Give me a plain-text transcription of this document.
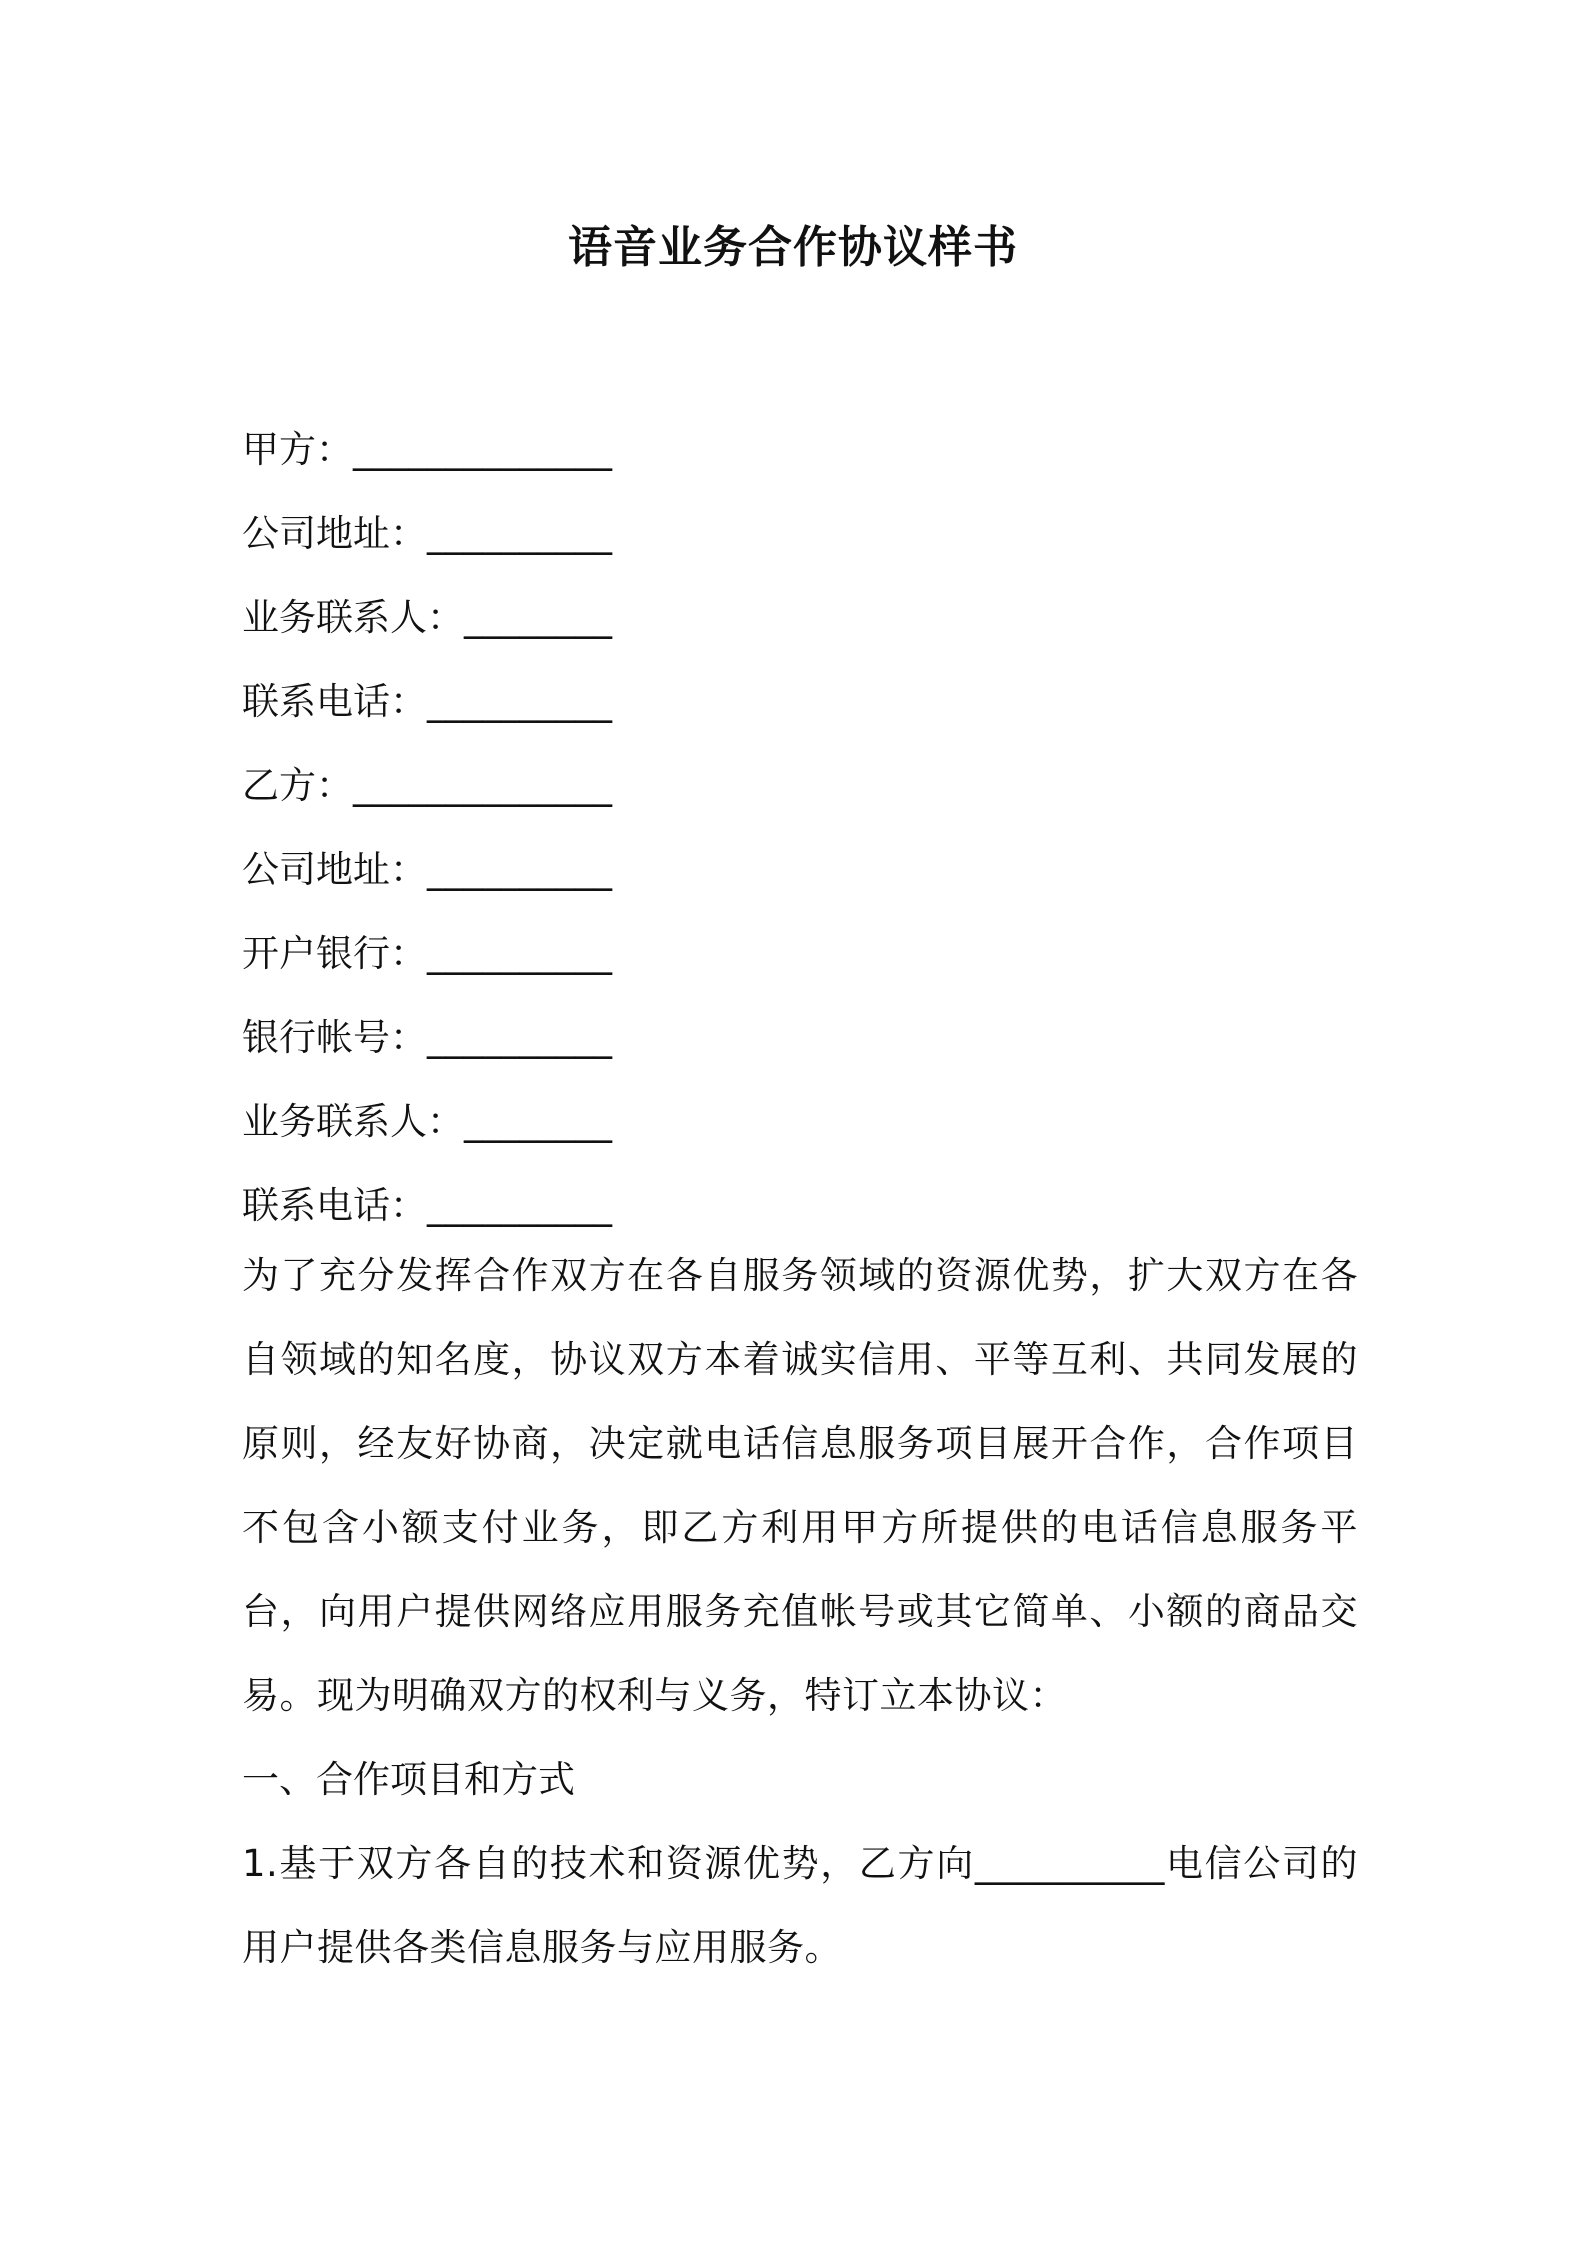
语音业务合作协议样书
甲方：______________
公司地址：__________
业务联系人：________
联系电话：__________
乙方：______________
公司地址：__________
开户银行：__________
银行帐号：__________
业务联系人：________
联系电话：__________

为了充分发挥合作双方在各自服务领域的资源优势，扩大双方在各自领域的知名度，协议双方本着诚实信用、平等互利、共同发展的原则，经友好协商，决定就电话信息服务项目展开合作，合作项目不包含小额支付业务，即乙方利用甲方所提供的电话信息服务平台，向用户提供网络应用服务充值帐号或其它简单、小额的商品交易。现为明确双方的权利与义务，特订立本协议：

一、合作项目和方式

1.基于双方各自的技术和资源优势，乙方向__________电信公司的用户提供各类信息服务与应用服务。
